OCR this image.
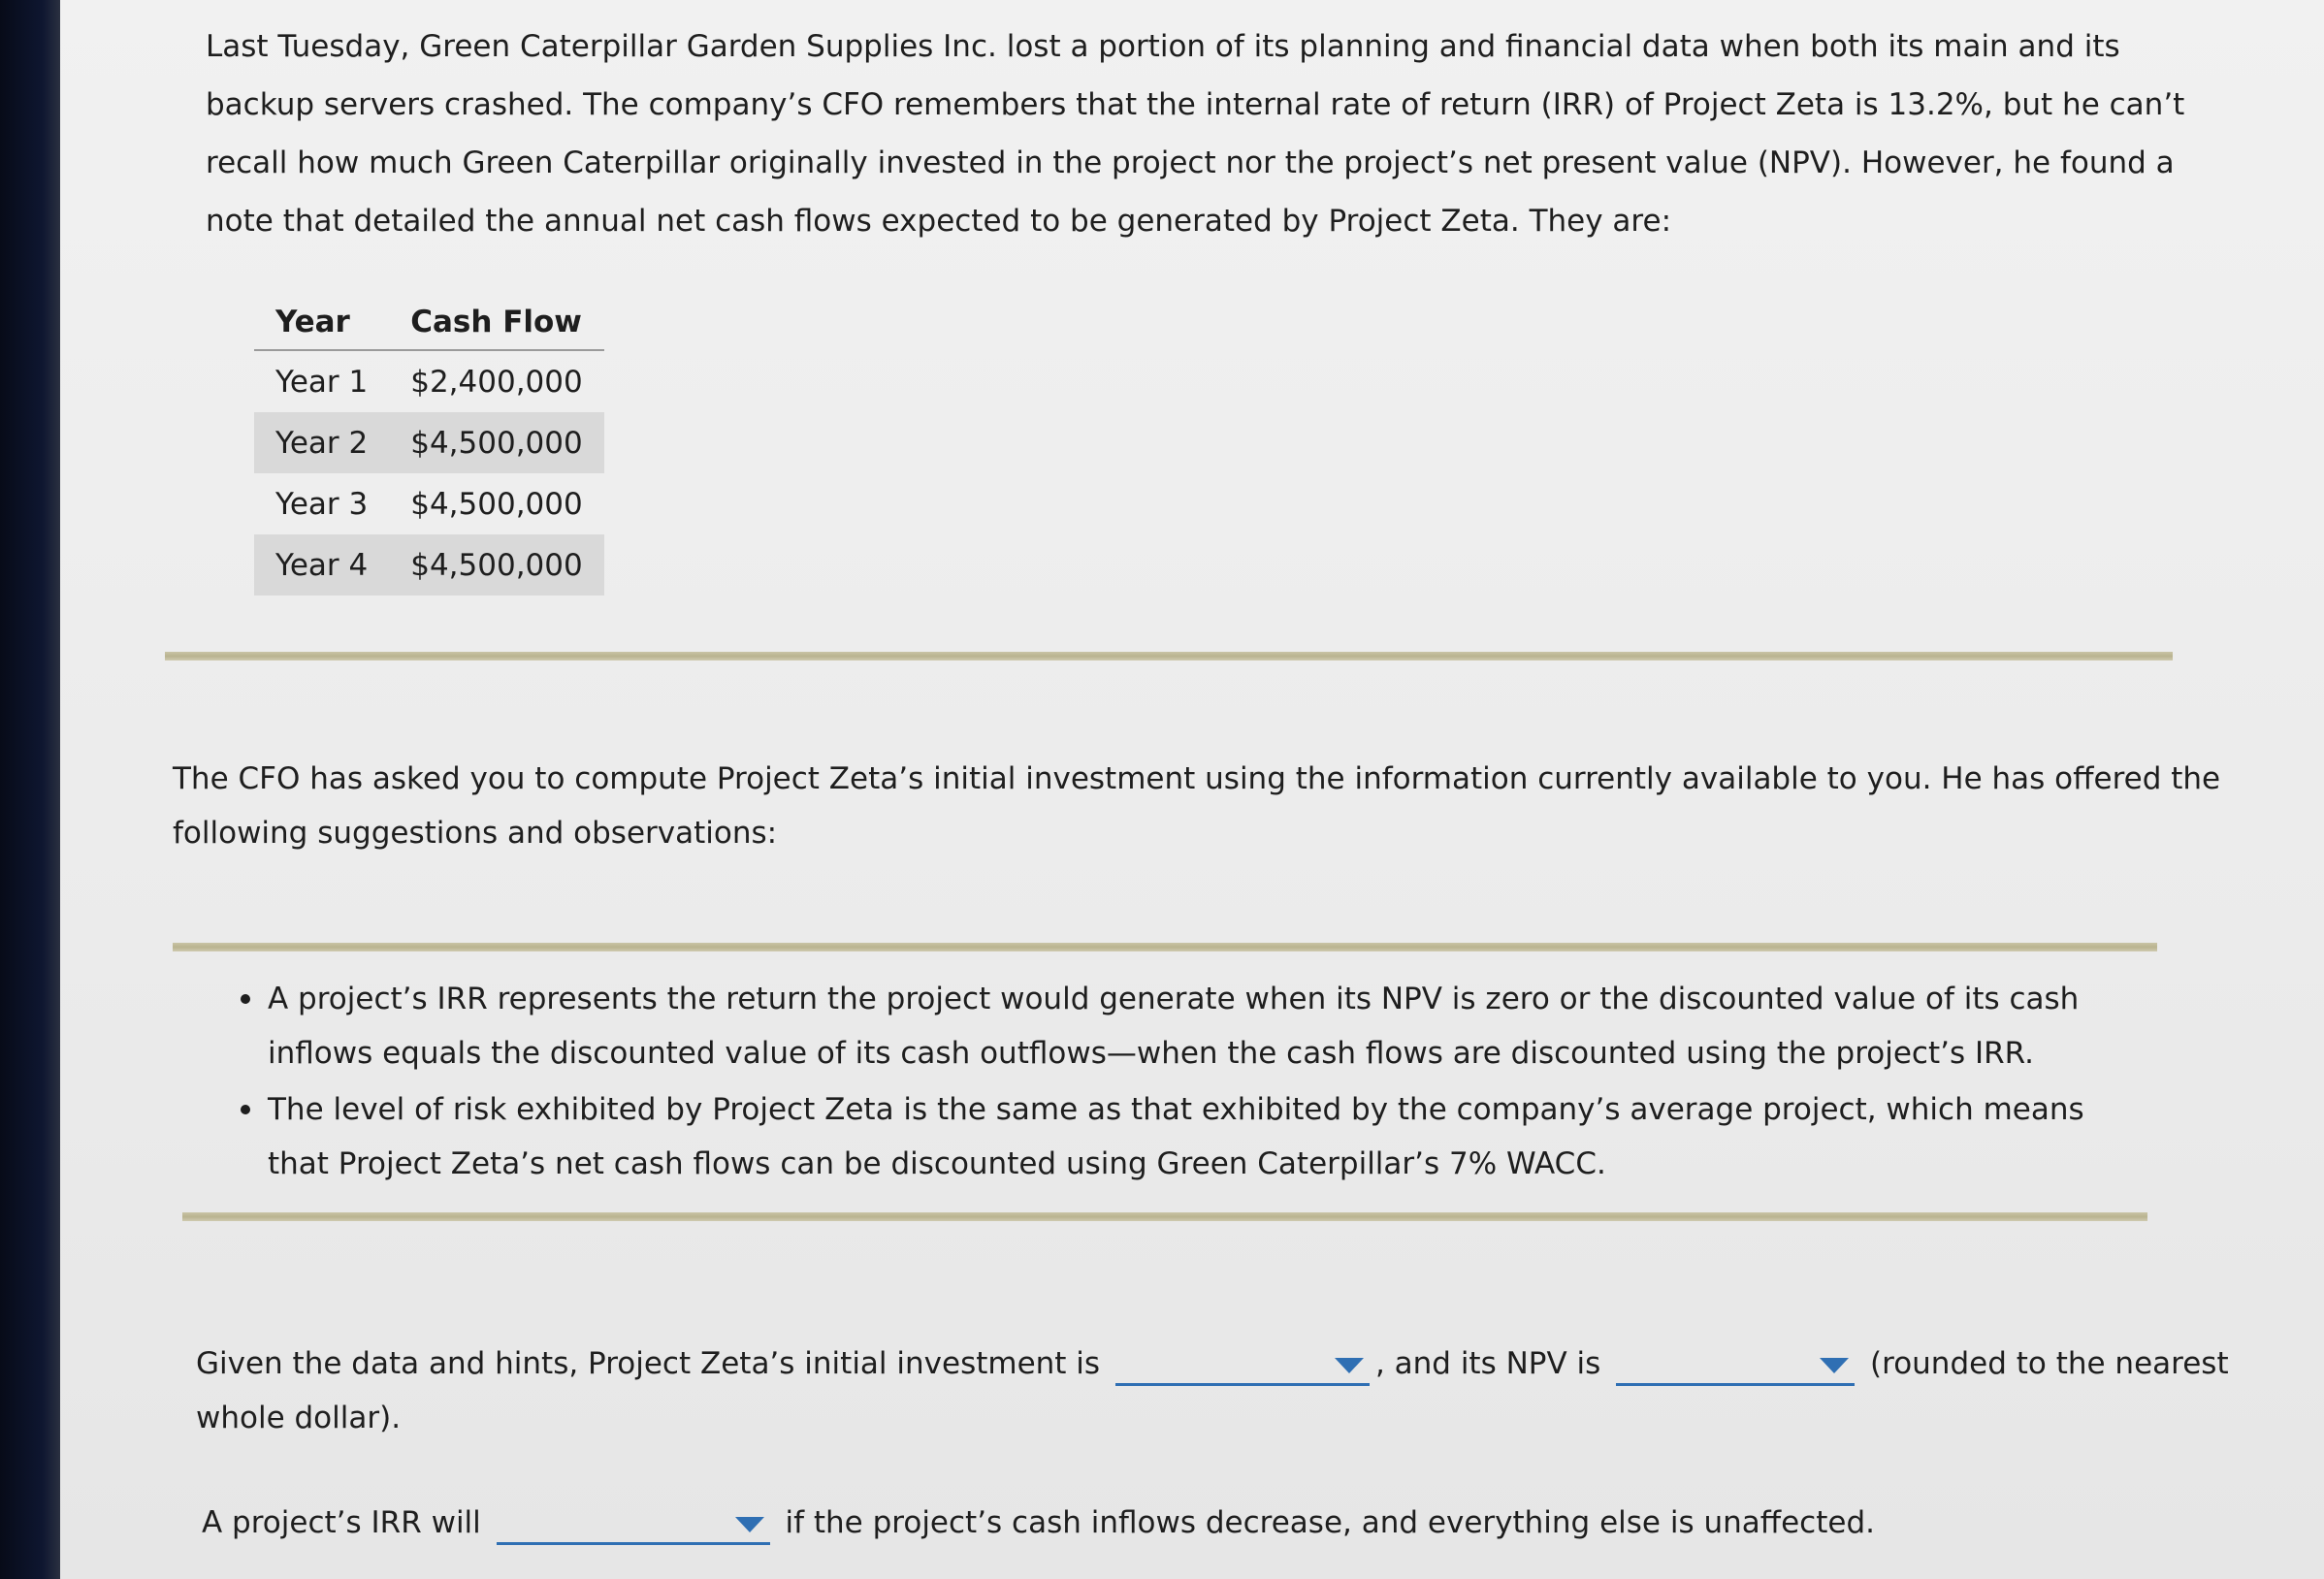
Last Tuesday, Green Caterpillar Garden Supplies Inc. lost a portion of its planning and financial data when both its main and its backup servers crashed. The company’s CFO remembers that the internal rate of return (IRR) of Project Zeta is 13.2%, but he can’t recall how much Green Caterpillar originally invested in the project nor the project’s net present value (NPV). However, he found a note that detailed the annual net cash flows expected to be generated by Project Zeta. They are:

Year	Cash Flow
Year 1	$2,400,000
Year 2	$4,500,000
Year 3	$4,500,000
Year 4	$4,500,000

The CFO has asked you to compute Project Zeta’s initial investment using the information currently available to you. He has offered the following suggestions and observations:

A project’s IRR represents the return the project would generate when its NPV is zero or the discounted value of its cash inflows equals the discounted value of its cash outflows—when the cash flows are discounted using the project’s IRR.
The level of risk exhibited by Project Zeta is the same as that exhibited by the company’s average project, which means that Project Zeta’s net cash flows can be discounted using Green Caterpillar’s 7% WACC.

Given the data and hints, Project Zeta’s initial investment is	, and its NPV is	(rounded to the nearest whole dollar).

A project’s IRR will	if the project’s cash inflows decrease, and everything else is unaffected.
